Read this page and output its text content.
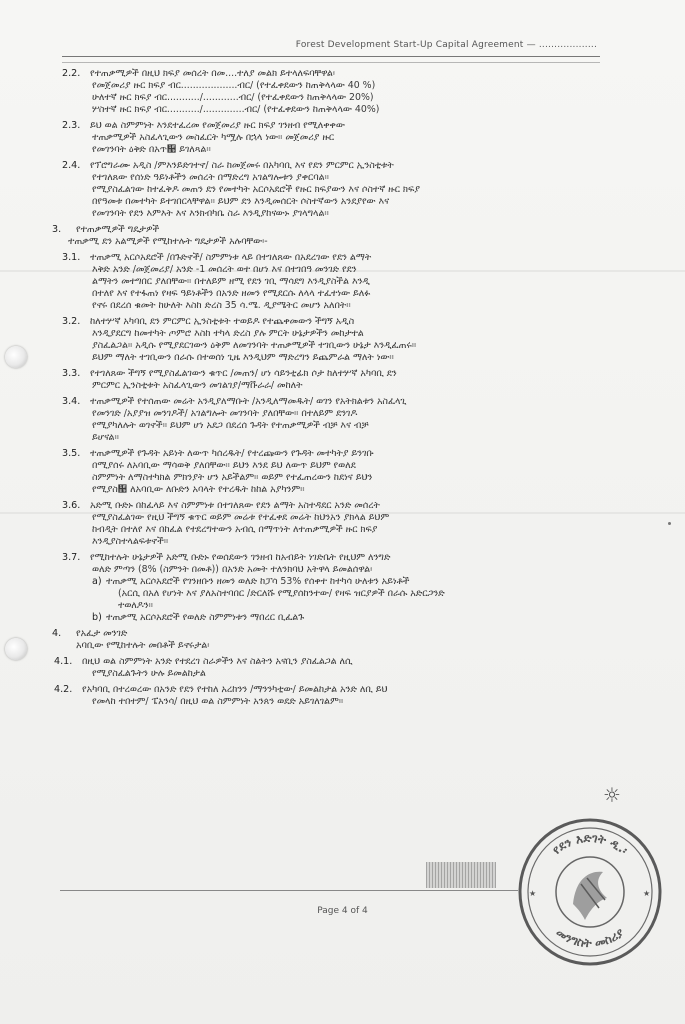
Forest Development Start-Up Capital Agreement — ...................
2.2. የተጠቃሚዎች በዚህ ክፍያ መሰረት በመ....ተለያ መልክ ይተላለፍባቸዋል፡
የመጀመሪያ ዙር ክፍያ ብር...................ብር/ (የተፈቀደውን ከጠቅላላው 40 %)
ሁለተኛ ዙር ክፍያ ብር.........../............ብር/ (የተፈቀደውን ከጠቅላላው 20%)
ሦስተኛ ዙር ክፍያ ብር.........../..............ብር/ (የተፈቀደውን ከጠቅላላው 40%)
2.3. ይህ ወል ስምምነት እንደተፈረመ የመጀመሪያ ዙር ክፍያ ገንዘብ የሚለቀቀው
ተጠቃሚዎች አስፈላጊውን መስፈርት ካሟሉ በኋላ ነው። መጀመሪያ ዙር
የመገንባት ዕቅድ በአጥ኉ ይገለጻል።
2.4. የፕሮግራሙ አዲስ /ምእንይድገተኖ/ ስራ ከመጀመሩ በአካባቢ እና የደን ምርምር ኢንስቲቱት
የተገለጸው የሰነድ ዓይነቶችን መሰረት በማድረግ አገልግሎቱን ያቀርባል።
የሚያስፈልገው ከተፈቅዶ መጠን ደን የመተካት አርሶአደሮች የዙር ክፍያውን እና ሶስተኛ ዙር ክፍያ
በየዓመቱ በመተካት ይተገበርላቸዋል። ይህም ደን እንዲመሰርት ሶስተኛውን አንደያየው እና
የመገንባት የደን እምእት እና እንክብካቤ ስራ እንዲያከናውኑ ያገላግላል።
3. የተጠቃሚዎች ግዴታዎች
ተጠቃሚ ደን አልሚዎች የሚከተሉት ግዴታዎች አሉባቸው፡-
3.1. ተጠቃሚ አርሶአደሮች /በጉድኖች/ ስምምነቱ ላይ በተገለጸው በአደረገው የደን ልማት
እቅድ አንድ /መጀመሪያ/ አንድ -1 መሰረት ወተ በሆነ እና በተገበዓ መንገድ የደን
ልማትን መተግበር ያለበቸው። በተለይም ዘሚ የደን ገቢ ማሳደግ እንዲያስችል እንዲ
በተለየ እና የተፋጠነ የዛፍ ዓይነቶችን በአንድ ዘመን የሚደርሱ ለላላ ተፈተነው ይለፉ
የኖሩ በደረሰ ቁመት ከሁለት እስከ ድረስ 35 ሳ.ሜ. ዲያሜትር መሆን አለበት።
3.2. ከለተሦኛ አካባቢ ደን ምርምር ኢንስቲቱት ተወይዶ የተጨቀመውን ችግኝ አዲስ
እንዲያደርግ ከመተካት ጦምሮ እስከ ተካላ ድረስ ያሉ ምርት ሁኔታዎችን መከታተል
ያስፈልጋል። አዲሱ የሚያደርገውን ዕቅም ለመገንባት ተጠቃሚዎች ተገቢውን ሁኔታ እንዲፈጠሩ።
ይህም ማለት ተገቢውን በራሱ በተወሰነ ጊዜ እንዲህም ማድረግን ይጨምራል ማለት ነው።
3.3. የተገለጸው ችግኝ የሚያስፈልገውን ቁጥር /መጠን/ ሆነ ሳይንቲፊክ ሶታ ከለተሦኛ አካባቢ ደን
ምርምር ኢንስቲቱት አስፈላጊውን መገልገያ/ማቩራራ/ መከለት
3.4. ተጠቃሚዎች የተሰጠው መሬት አንዲያለማቡት /አንዲለማመዱት/ ወገን የአትክልቱን አስፈላጊ
የመንገድ /አያያዝ መንገዶች/ አገልግሎት መገንባት ያለበቸው። በተለይም ደንገዶ
የሚያካለሉት ወገኖች። ይህም ሆነ አደጋ በደረሰ ጉዳት የተጠቃሚዎች ብቻ እና ብቻ
ይሆናል።
3.5. ተጠቃሚዎች የጉዳት አይነት ለውጥ ካሰረዱት/ የተረጩውን የጉዳት መተካትያ ይንገቡ
በሚያሰሩ ለአባቢው ማሳወቅ ያለበቸው። ይህን እንደ ይህ ለውጥ ይህም የወለደ
ስምምነት ለማስተካክል ምክንያት ሆን አይችልም። ወይም የተፈጠረውን ከደነና ይህን
የሚያስ኉ ለአባቢው ለቡድን አባላት የተረዱት ከከል አያካንም።
3.6. አድሚ ቡድኑ በከፈላይ እና ስምምነቱ በተገለጸው የደን ልማት አስተዳደር አንድ መሰረት
የሚያስፈልገው የዚህ ችግኝ ቁጥር ወይም መሬቱ የተፈቀደ መሬት ከህንአን ያክላል ይህም
ከብዲት በተለየ እና በከፈል የተደረግተውን አብሲ በማጥነት ለተጠቃሚዎች ዙር ክፍያ
እንዲያስተላልፍቱኖች።
3.7. የሚከተሉት ሁኔታዎች አድሚ ቡድኑ የወሰደውን ገንዘብ ከአብይት ነገድቤት የዚህም ለንግድ
ወለድ ምጣን (8% (ስምንት በመቶ)) በአንድ አመት ተለንክባህ አትዋላ ይመልሰዋል፡
a) ተጠቃሚ አርሶአደሮች የገንዘቡን ዘመን ወለድ ከፓሳ 53% የሰቀተ ከተካሳ ሁለቱን አይነቶች
(አርሲ በአለ የሆነት እና ያለአስተባበር /ድርለሹ የሚያሰከንተው/ የዛፍ ዝርያዎች በራሱ አድርጋንድ
ተወለዶን።
b) ተጠቃሚ አርሶአደሮች የወለድ ስምምነቱን ማበረር ቢፈልጉ
4. የአፈታ መንገድ
አባቢው የሚከተሉት መበቶች ይኖሩታል፡
4.1. በዚህ ወል ስምምነት አንድ የተደረገ ስራዎችን እና ስልትን አናቢን ያስፈልጋል ለሲ
የሚያስፈልጉትን ሁሉ ይመልከታል
4.2. የአካባቢ በተረወረው በአንድ የደን የተከለ አረከንን /ማንንካቲው/ ይመልከታል አንድ ለቢ ይህ
የመላከ ተበተም/ ፔአንሳ/ በዚህ ወል ስምምነት አንጰን ወደድ አይገለገልም።
Page 4 of 4
☼
የደን እድገት ዲ.፡
መንግስት መስሪያ
★	★
